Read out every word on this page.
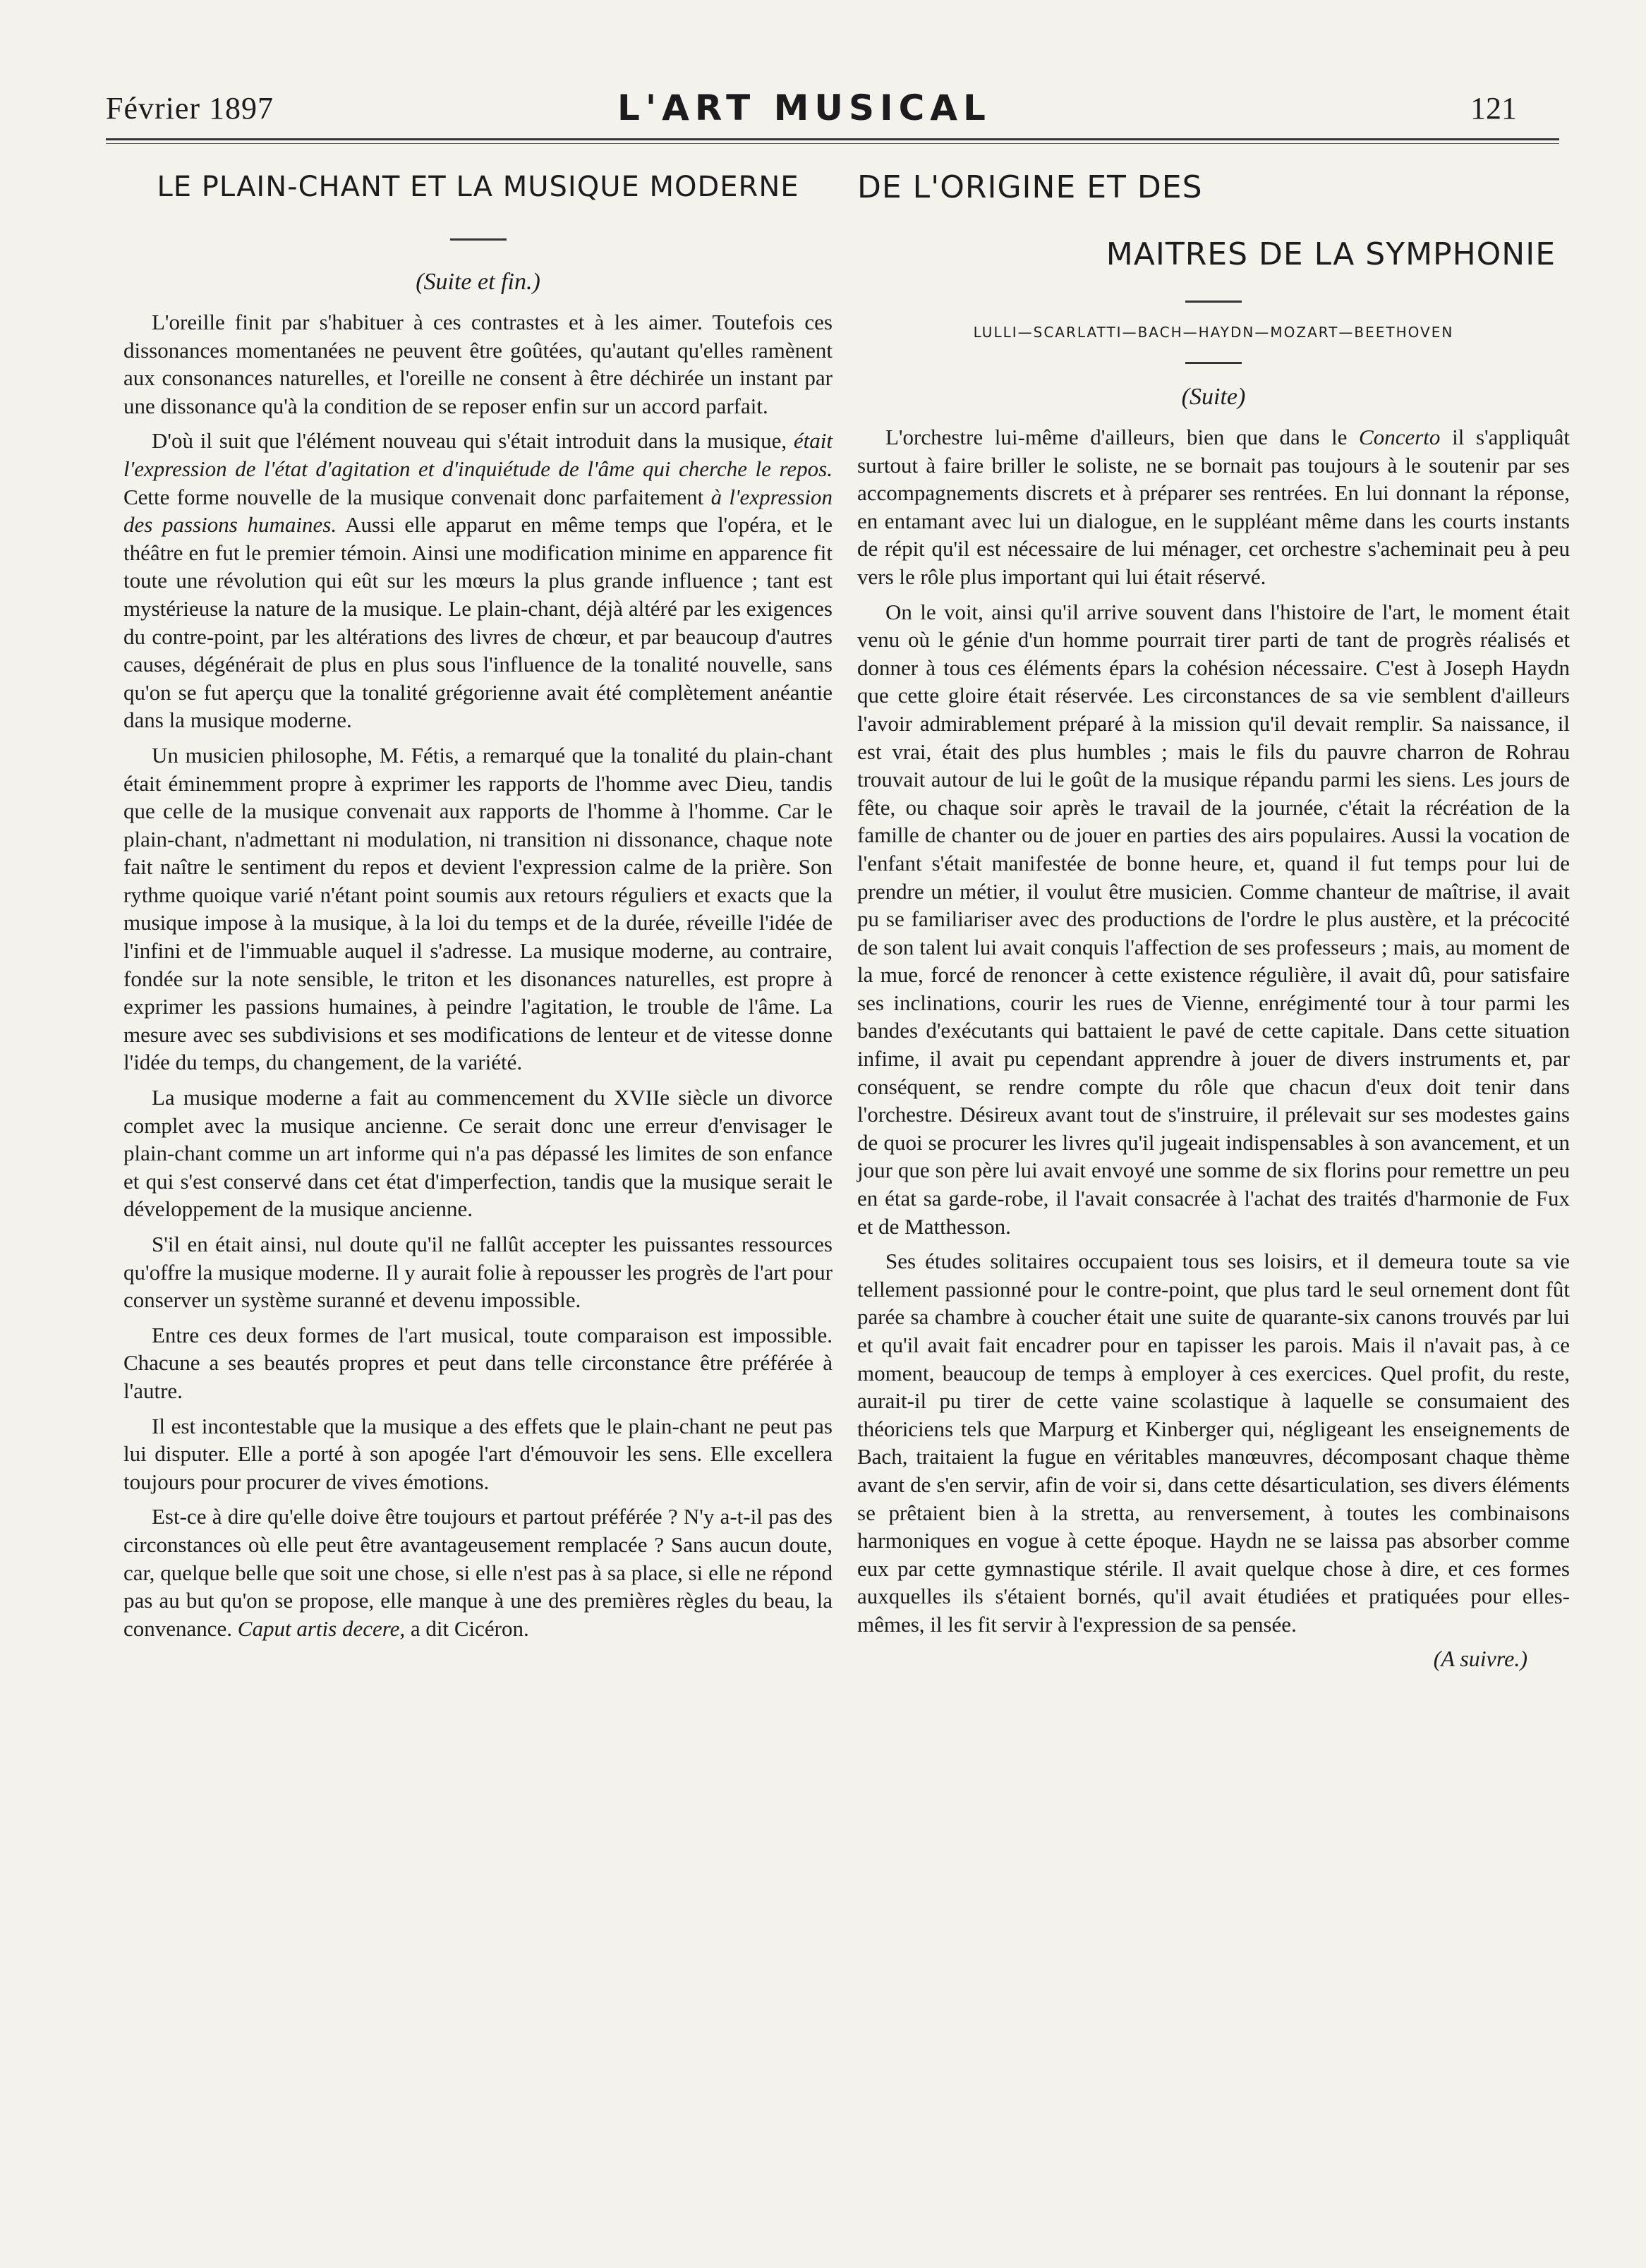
Février 1897	L'ART MUSICAL	121
LE PLAIN-CHANT ET LA MUSIQUE MODERNE

(Suite et fin.)

L'oreille finit par s'habituer à ces contrastes et à les aimer. Toutefois ces dissonances momentanées ne peuvent être goûtées, qu'autant qu'elles ramènent aux consonances naturelles, et l'oreille ne consent à être déchirée un instant par une dissonance qu'à la condition de se reposer enfin sur un accord parfait.

D'où il suit que l'élément nouveau qui s'était introduit dans la musique, était l'expression de l'état d'agitation et d'inquiétude de l'âme qui cherche le repos. Cette forme nouvelle de la musique convenait donc parfaitement à l'expression des passions humaines. Aussi elle apparut en même temps que l'opéra, et le théâtre en fut le premier témoin. Ainsi une modification minime en apparence fit toute une révolution qui eût sur les mœurs la plus grande influence ; tant est mystérieuse la nature de la musique. Le plain-chant, déjà altéré par les exigences du contre-point, par les altérations des livres de chœur, et par beaucoup d'autres causes, dégénérait de plus en plus sous l'influence de la tonalité nouvelle, sans qu'on se fut aperçu que la tonalité grégorienne avait été complètement anéantie dans la musique moderne.

Un musicien philosophe, M. Fétis, a remarqué que la tonalité du plain-chant était éminemment propre à exprimer les rapports de l'homme avec Dieu, tandis que celle de la musique convenait aux rapports de l'homme à l'homme. Car le plain-chant, n'admettant ni modulation, ni transition ni dissonance, chaque note fait naître le sentiment du repos et devient l'expression calme de la prière. Son rythme quoique varié n'étant point soumis aux retours réguliers et exacts que la musique impose à la musique, à la loi du temps et de la durée, réveille l'idée de l'infini et de l'immuable auquel il s'adresse. La musique moderne, au contraire, fondée sur la note sensible, le triton et les disonances naturelles, est propre à exprimer les passions humaines, à peindre l'agitation, le trouble de l'âme. La mesure avec ses subdivisions et ses modifications de lenteur et de vitesse donne l'idée du temps, du changement, de la variété.

La musique moderne a fait au commencement du XVIIe siècle un divorce complet avec la musique ancienne. Ce serait donc une erreur d'envisager le plain-chant comme un art informe qui n'a pas dépassé les limites de son enfance et qui s'est conservé dans cet état d'imperfection, tandis que la musique serait le développement de la musique ancienne.

S'il en était ainsi, nul doute qu'il ne fallût accepter les puissantes ressources qu'offre la musique moderne. Il y aurait folie à repousser les progrès de l'art pour conserver un système suranné et devenu impossible.

Entre ces deux formes de l'art musical, toute comparaison est impossible. Chacune a ses beautés propres et peut dans telle circonstance être préférée à l'autre.

Il est incontestable que la musique a des effets que le plain-chant ne peut pas lui disputer. Elle a porté à son apogée l'art d'émouvoir les sens. Elle excellera toujours pour procurer de vives émotions.

Est-ce à dire qu'elle doive être toujours et partout préférée ? N'y a-t-il pas des circonstances où elle peut être avantageusement remplacée ? Sans aucun doute, car, quelque belle que soit une chose, si elle n'est pas à sa place, si elle ne répond pas au but qu'on se propose, elle manque à une des premières règles du beau, la convenance. Caput artis decere, a dit Cicéron.

DE L'ORIGINE ET DES
MAITRES DE LA SYMPHONIE

LULLI—SCARLATTI—BACH—HAYDN—MOZART—BEETHOVEN

(Suite)

L'orchestre lui-même d'ailleurs, bien que dans le Concerto il s'appliquât surtout à faire briller le soliste, ne se bornait pas toujours à le soutenir par ses accompagnements discrets et à préparer ses rentrées. En lui donnant la réponse, en entamant avec lui un dialogue, en le suppléant même dans les courts instants de répit qu'il est nécessaire de lui ménager, cet orchestre s'acheminait peu à peu vers le rôle plus important qui lui était réservé.

On le voit, ainsi qu'il arrive souvent dans l'histoire de l'art, le moment était venu où le génie d'un homme pourrait tirer parti de tant de progrès réalisés et donner à tous ces éléments épars la cohésion nécessaire. C'est à Joseph Haydn que cette gloire était réservée. Les circonstances de sa vie semblent d'ailleurs l'avoir admirablement préparé à la mission qu'il devait remplir. Sa naissance, il est vrai, était des plus humbles ; mais le fils du pauvre charron de Rohrau trouvait autour de lui le goût de la musique répandu parmi les siens. Les jours de fête, ou chaque soir après le travail de la journée, c'était la récréation de la famille de chanter ou de jouer en parties des airs populaires. Aussi la vocation de l'enfant s'était manifestée de bonne heure, et, quand il fut temps pour lui de prendre un métier, il voulut être musicien. Comme chanteur de maîtrise, il avait pu se familiariser avec des productions de l'ordre le plus austère, et la précocité de son talent lui avait conquis l'affection de ses professeurs ; mais, au moment de la mue, forcé de renoncer à cette existence régulière, il avait dû, pour satisfaire ses inclinations, courir les rues de Vienne, enrégimenté tour à tour parmi les bandes d'exécutants qui battaient le pavé de cette capitale. Dans cette situation infime, il avait pu cependant apprendre à jouer de divers instruments et, par conséquent, se rendre compte du rôle que chacun d'eux doit tenir dans l'orchestre. Désireux avant tout de s'instruire, il prélevait sur ses modestes gains de quoi se procurer les livres qu'il jugeait indispensables à son avancement, et un jour que son père lui avait envoyé une somme de six florins pour remettre un peu en état sa garde-robe, il l'avait consacrée à l'achat des traités d'harmonie de Fux et de Matthesson.

Ses études solitaires occupaient tous ses loisirs, et il demeura toute sa vie tellement passionné pour le contre-point, que plus tard le seul ornement dont fût parée sa chambre à coucher était une suite de quarante-six canons trouvés par lui et qu'il avait fait encadrer pour en tapisser les parois. Mais il n'avait pas, à ce moment, beaucoup de temps à employer à ces exercices. Quel profit, du reste, aurait-il pu tirer de cette vaine scolastique à laquelle se consumaient des théoriciens tels que Marpurg et Kinberger qui, négligeant les enseignements de Bach, traitaient la fugue en véritables manœuvres, décomposant chaque thème avant de s'en servir, afin de voir si, dans cette désarticulation, ses divers éléments se prêtaient bien à la stretta, au renversement, à toutes les combinaisons harmoniques en vogue à cette époque. Haydn ne se laissa pas absorber comme eux par cette gymnastique stérile. Il avait quelque chose à dire, et ces formes auxquelles ils s'étaient bornés, qu'il avait étudiées et pratiquées pour elles-mêmes, il les fit servir à l'expression de sa pensée.

(A suivre.)
